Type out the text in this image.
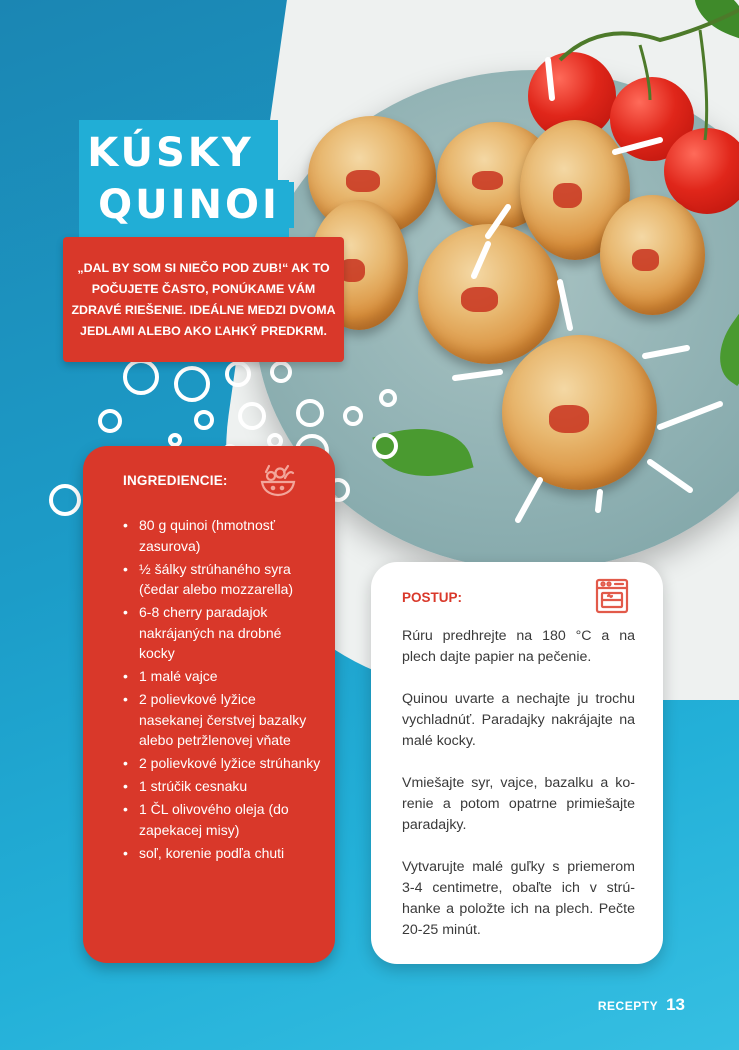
KÚSKY
QUINOI
„DAL BY SOM SI NIEČO POD ZUB!“ AK TO POČUJETE ČASTO, PONÚKAME VÁM ZDRAVÉ RIEŠENIE. IDEÁLNE MEDZI DVOMA JEDLAMI ALEBO AKO ĽAHKÝ PREDKRM.
INGREDIENCIE:
• 80 g quinoi (hmotnosť zasurova)
• ½ šálky strúhaného syra (čedar alebo mozzarella)
• 6-8 cherry paradajok nakrájaných na drobné kocky
• 1 malé vajce
• 2 polievkové lyžice nasekanej čerstvej bazalky alebo petržlenovej vňate
• 2 polievkové lyžice strúhanky
• 1 strúčik cesnaku
• 1 ČL olivového oleja (do zapekacej misy)
• soľ, korenie podľa chuti
POSTUP:

Rúru predhrejte na 180 °C a na plech dajte papier na pečenie.

Quinou uvarte a nechajte ju trochu vychladnúť. Paradajky nakrájajte na malé kocky.

Vmiešajte syr, vajce, bazalku a ko-renie a potom opatrne primiešajte paradajky.

Vytvarujte malé guľky s priemerom 3-4 centimetre, obaľte ich v strú-hanke a položte ich na plech. Pečte 20-25 minút.

RECEPTY 13
